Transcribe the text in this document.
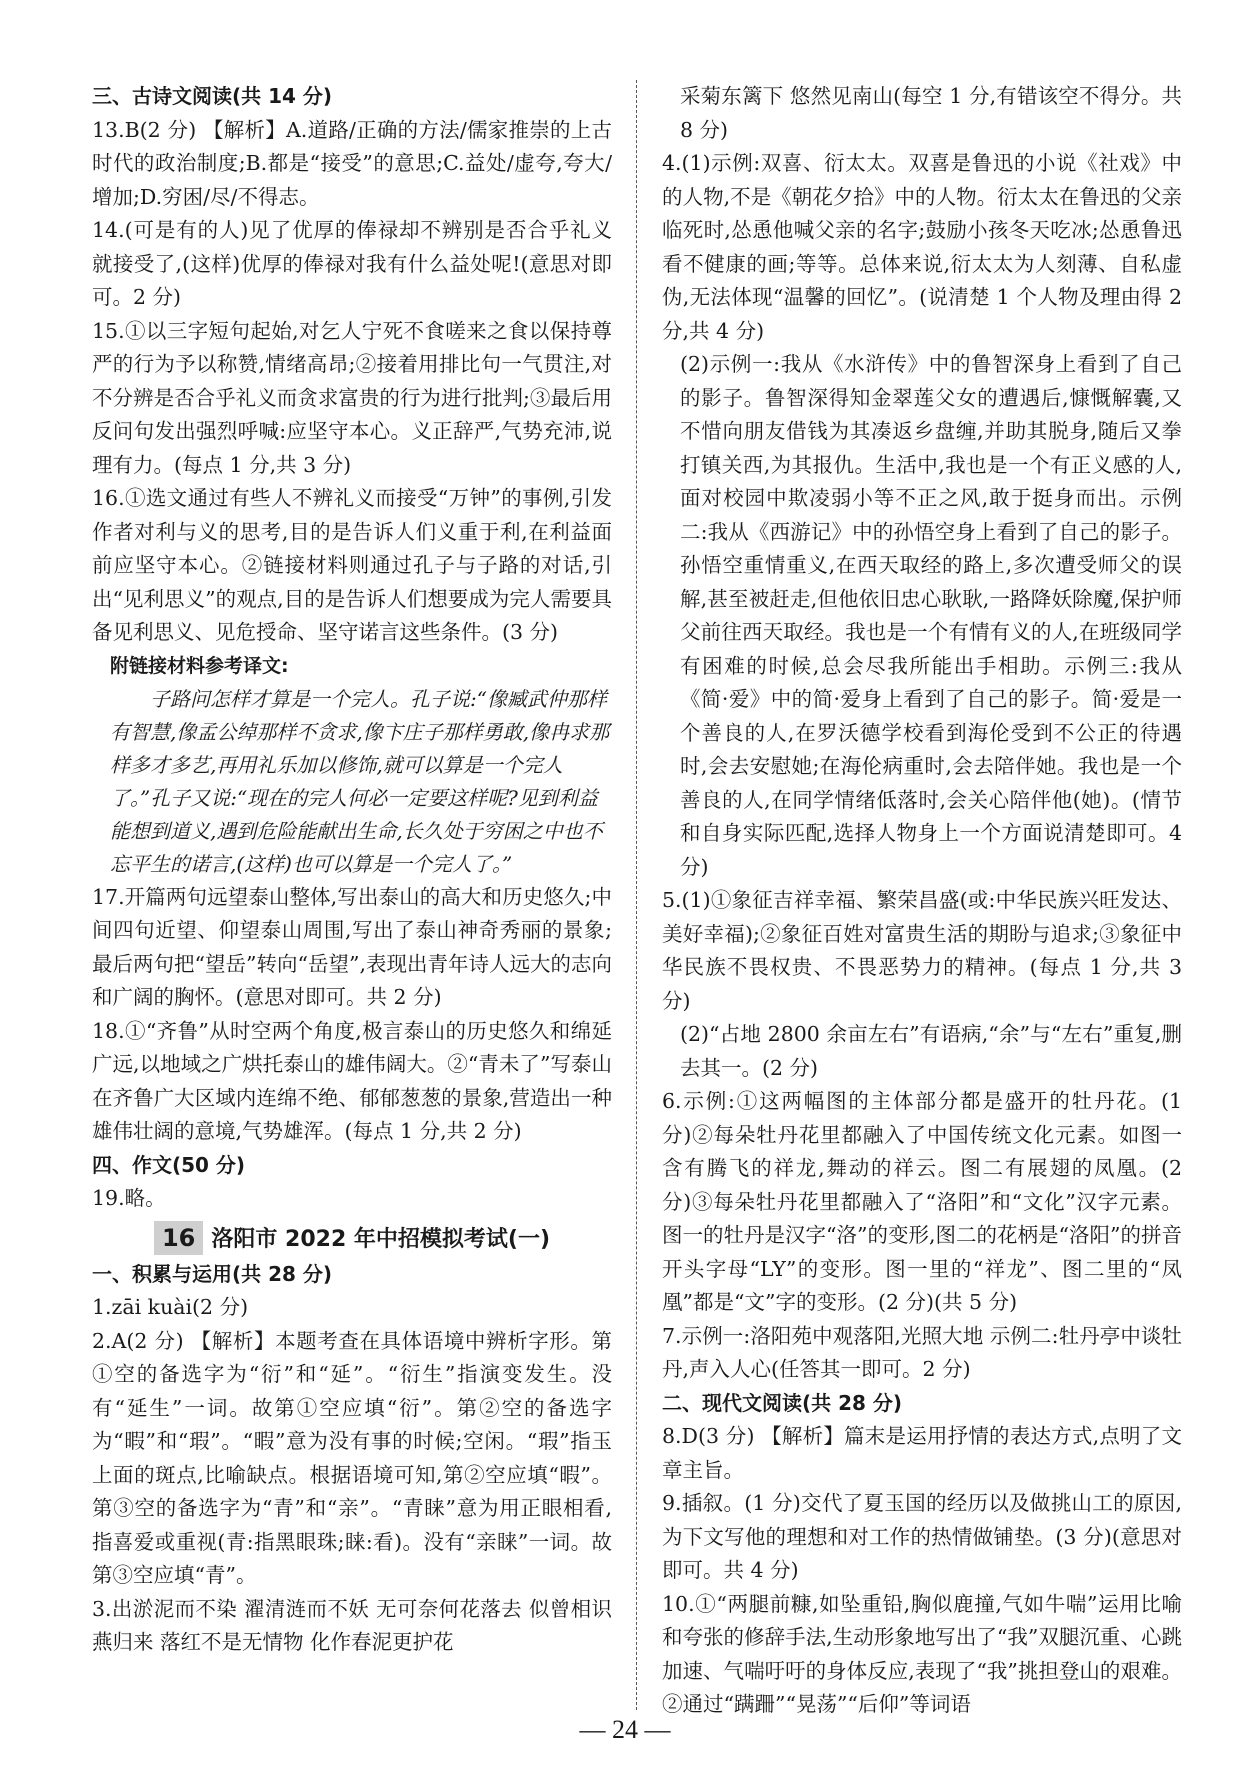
三、古诗文阅读(共 14 分)

13.B(2 分) 【解析】A.道路/正确的方法/儒家推崇的上古时代的政治制度;B.都是“接受”的意思;C.益处/虚夸,夸大/增加;D.穷困/尽/不得志。

14.(可是有的人)见了优厚的俸禄却不辨别是否合乎礼义就接受了,(这样)优厚的俸禄对我有什么益处呢!(意思对即可。2 分)

15.①以三字短句起始,对乞人宁死不食嗟来之食以保持尊严的行为予以称赞,情绪高昂;②接着用排比句一气贯注,对不分辨是否合乎礼义而贪求富贵的行为进行批判;③最后用反问句发出强烈呼喊:应坚守本心。义正辞严,气势充沛,说理有力。(每点 1 分,共 3 分)

16.①选文通过有些人不辨礼义而接受“万钟”的事例,引发作者对利与义的思考,目的是告诉人们义重于利,在利益面前应坚守本心。②链接材料则通过孔子与子路的对话,引出“见利思义”的观点,目的是告诉人们想要成为完人需要具备见利思义、见危授命、坚守诺言这些条件。(3 分)

附链接材料参考译文:

子路问怎样才算是一个完人。孔子说:“像臧武仲那样有智慧,像孟公绰那样不贪求,像卞庄子那样勇敢,像冉求那样多才多艺,再用礼乐加以修饰,就可以算是一个完人了。”孔子又说:“现在的完人何必一定要这样呢?见到利益能想到道义,遇到危险能献出生命,长久处于穷困之中也不忘平生的诺言,(这样)也可以算是一个完人了。”

17.开篇两句远望泰山整体,写出泰山的高大和历史悠久;中间四句近望、仰望泰山周围,写出了泰山神奇秀丽的景象;最后两句把“望岳”转向“岳望”,表现出青年诗人远大的志向和广阔的胸怀。(意思对即可。共 2 分)

18.①“齐鲁”从时空两个角度,极言泰山的历史悠久和绵延广远,以地域之广烘托泰山的雄伟阔大。②“青未了”写泰山在齐鲁广大区域内连绵不绝、郁郁葱葱的景象,营造出一种雄伟壮阔的意境,气势雄浑。(每点 1 分,共 2 分)

四、作文(50 分)

19.略。

16 洛阳市 2022 年中招模拟考试(一)

一、积累与运用(共 28 分)

1.zāi kuài(2 分)

2.A(2 分) 【解析】本题考查在具体语境中辨析字形。第①空的备选字为“衍”和“延”。“衍生”指演变发生。没有“延生”一词。故第①空应填“衍”。第②空的备选字为“暇”和“瑕”。“暇”意为没有事的时候;空闲。“瑕”指玉上面的斑点,比喻缺点。根据语境可知,第②空应填“暇”。第③空的备选字为“青”和“亲”。“青睐”意为用正眼相看,指喜爱或重视(青:指黑眼珠;睐:看)。没有“亲睐”一词。故第③空应填“青”。

3.出淤泥而不染 濯清涟而不妖 无可奈何花落去 似曾相识燕归来 落红不是无情物 化作春泥更护花

采菊东篱下 悠然见南山(每空 1 分,有错该空不得分。共 8 分)

4.(1)示例:双喜、衍太太。双喜是鲁迅的小说《社戏》中的人物,不是《朝花夕拾》中的人物。衍太太在鲁迅的父亲临死时,怂恿他喊父亲的名字;鼓励小孩冬天吃冰;怂恿鲁迅看不健康的画;等等。总体来说,衍太太为人刻薄、自私虚伪,无法体现“温馨的回忆”。(说清楚 1 个人物及理由得 2 分,共 4 分)

(2)示例一:我从《水浒传》中的鲁智深身上看到了自己的影子。鲁智深得知金翠莲父女的遭遇后,慷慨解囊,又不惜向朋友借钱为其凑返乡盘缠,并助其脱身,随后又拳打镇关西,为其报仇。生活中,我也是一个有正义感的人,面对校园中欺凌弱小等不正之风,敢于挺身而出。示例二:我从《西游记》中的孙悟空身上看到了自己的影子。孙悟空重情重义,在西天取经的路上,多次遭受师父的误解,甚至被赶走,但他依旧忠心耿耿,一路降妖除魔,保护师父前往西天取经。我也是一个有情有义的人,在班级同学有困难的时候,总会尽我所能出手相助。示例三:我从《简·爱》中的简·爱身上看到了自己的影子。简·爱是一个善良的人,在罗沃德学校看到海伦受到不公正的待遇时,会去安慰她;在海伦病重时,会去陪伴她。我也是一个善良的人,在同学情绪低落时,会关心陪伴他(她)。(情节和自身实际匹配,选择人物身上一个方面说清楚即可。4 分)

5.(1)①象征吉祥幸福、繁荣昌盛(或:中华民族兴旺发达、美好幸福);②象征百姓对富贵生活的期盼与追求;③象征中华民族不畏权贵、不畏恶势力的精神。(每点 1 分,共 3 分)

(2)“占地 2800 余亩左右”有语病,“余”与“左右”重复,删去其一。(2 分)

6.示例:①这两幅图的主体部分都是盛开的牡丹花。(1 分)②每朵牡丹花里都融入了中国传统文化元素。如图一含有腾飞的祥龙,舞动的祥云。图二有展翅的凤凰。(2 分)③每朵牡丹花里都融入了“洛阳”和“文化”汉字元素。图一的牡丹是汉字“洛”的变形,图二的花柄是“洛阳”的拼音开头字母“LY”的变形。图一里的“祥龙”、图二里的“凤凰”都是“文”字的变形。(2 分)(共 5 分)

7.示例一:洛阳苑中观落阳,光照大地 示例二:牡丹亭中谈牡丹,声入人心(任答其一即可。2 分)

二、现代文阅读(共 28 分)

8.D(3 分) 【解析】篇末是运用抒情的表达方式,点明了文章主旨。

9.插叙。(1 分)交代了夏玉国的经历以及做挑山工的原因,为下文写他的理想和对工作的热情做铺垫。(3 分)(意思对即可。共 4 分)

10.①“两腿前糠,如坠重铅,胸似鹿撞,气如牛喘”运用比喻和夸张的修辞手法,生动形象地写出了“我”双腿沉重、心跳加速、气喘吁吁的身体反应,表现了“我”挑担登山的艰难。②通过“蹒跚”“晃荡”“后仰”等词语

— 24 —
